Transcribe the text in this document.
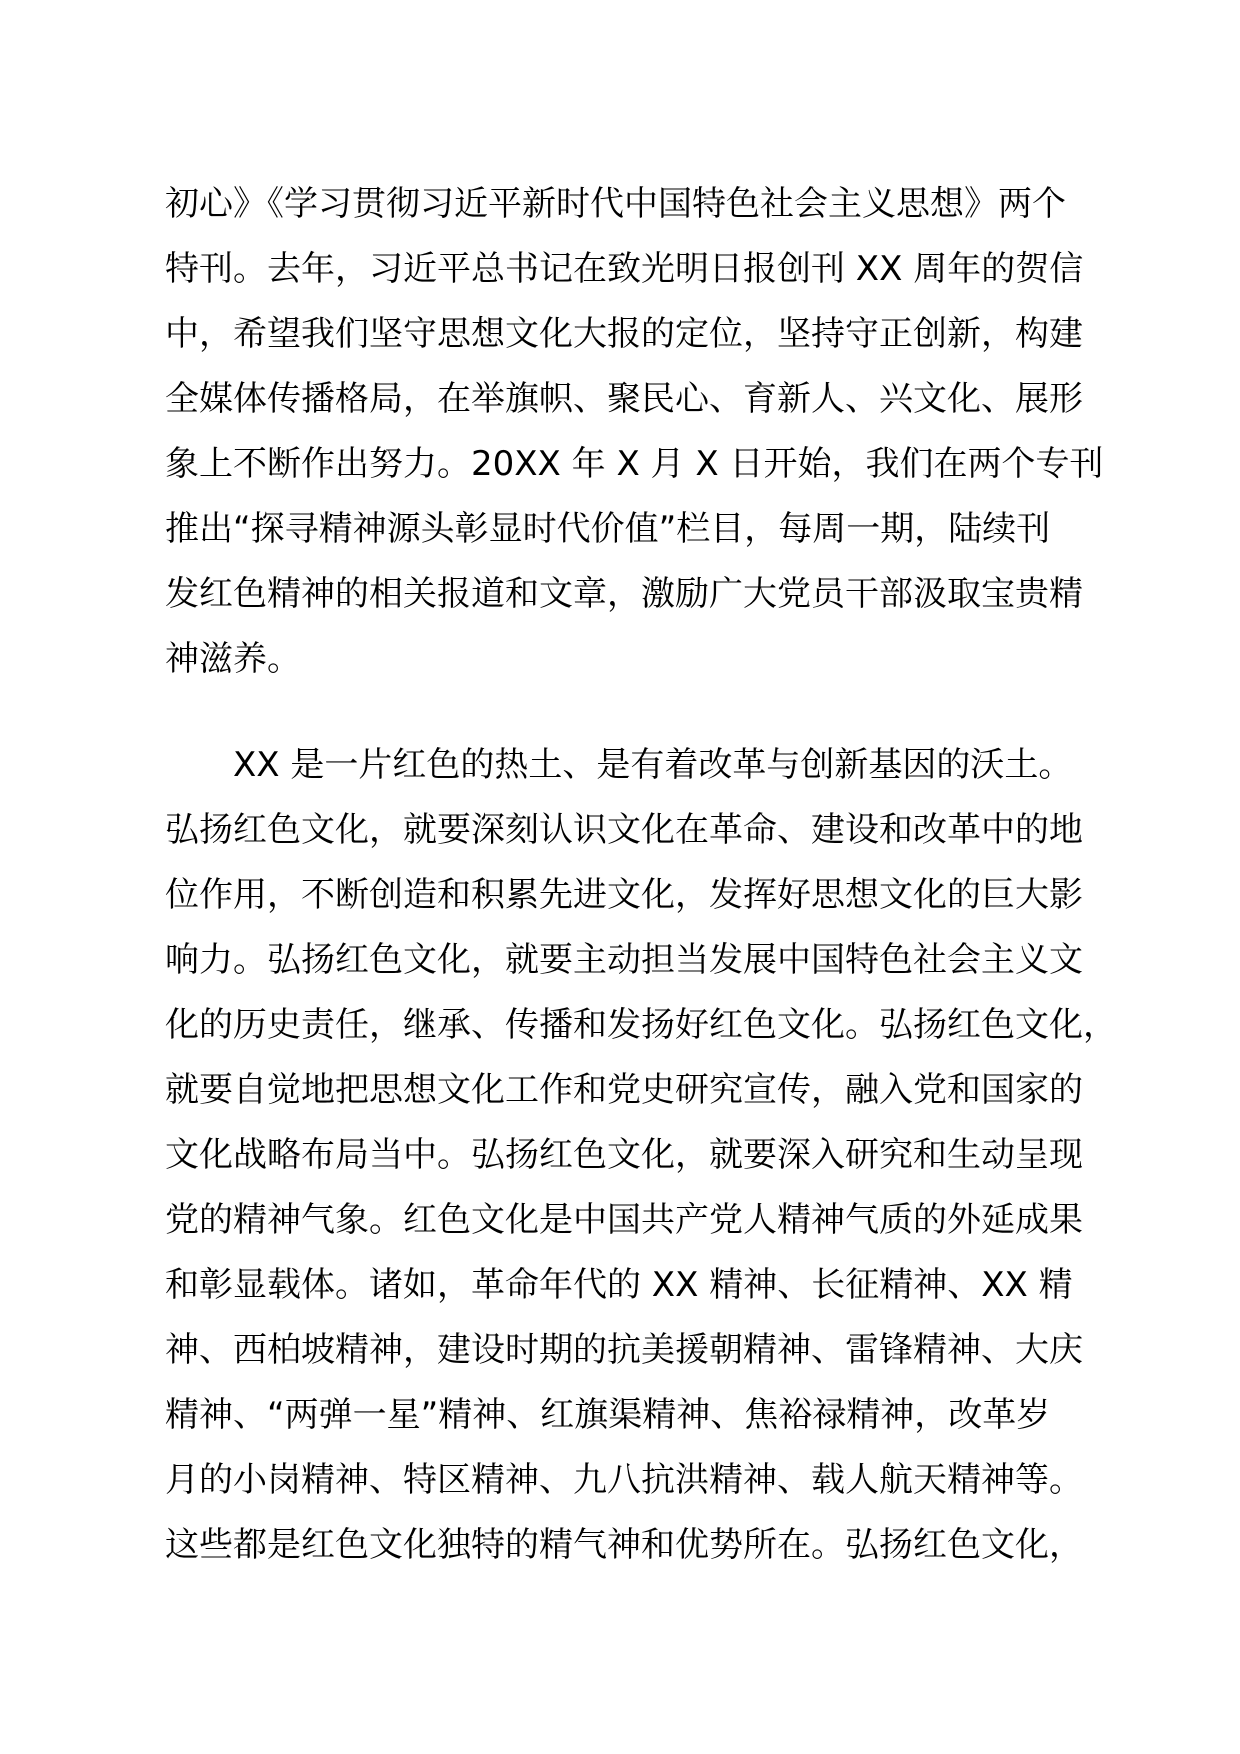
初心》《学习贯彻习近平新时代中国特色社会主义思想》两个
特刊。去年，习近平总书记在致光明日报创刊 XX 周年的贺信
中，希望我们坚守思想文化大报的定位，坚持守正创新，构建
全媒体传播格局，在举旗帜、聚民心、育新人、兴文化、展形
象上不断作出努力。20XX 年 X 月 X 日开始，我们在两个专刊
推出“探寻精神源头彰显时代价值”栏目，每周一期，陆续刊
发红色精神的相关报道和文章，激励广大党员干部汲取宝贵精
神滋养。
XX 是一片红色的热土、是有着改革与创新基因的沃土。
弘扬红色文化，就要深刻认识文化在革命、建设和改革中的地
位作用，不断创造和积累先进文化，发挥好思想文化的巨大影
响力。弘扬红色文化，就要主动担当发展中国特色社会主义文
化的历史责任，继承、传播和发扬好红色文化。弘扬红色文化，
就要自觉地把思想文化工作和党史研究宣传，融入党和国家的
文化战略布局当中。弘扬红色文化，就要深入研究和生动呈现
党的精神气象。红色文化是中国共产党人精神气质的外延成果
和彰显载体。诸如，革命年代的 XX 精神、长征精神、XX 精
神、西柏坡精神，建设时期的抗美援朝精神、雷锋精神、大庆
精神、“两弹一星”精神、红旗渠精神、焦裕禄精神，改革岁
月的小岗精神、特区精神、九八抗洪精神、载人航天精神等。
这些都是红色文化独特的精气神和优势所在。弘扬红色文化，
